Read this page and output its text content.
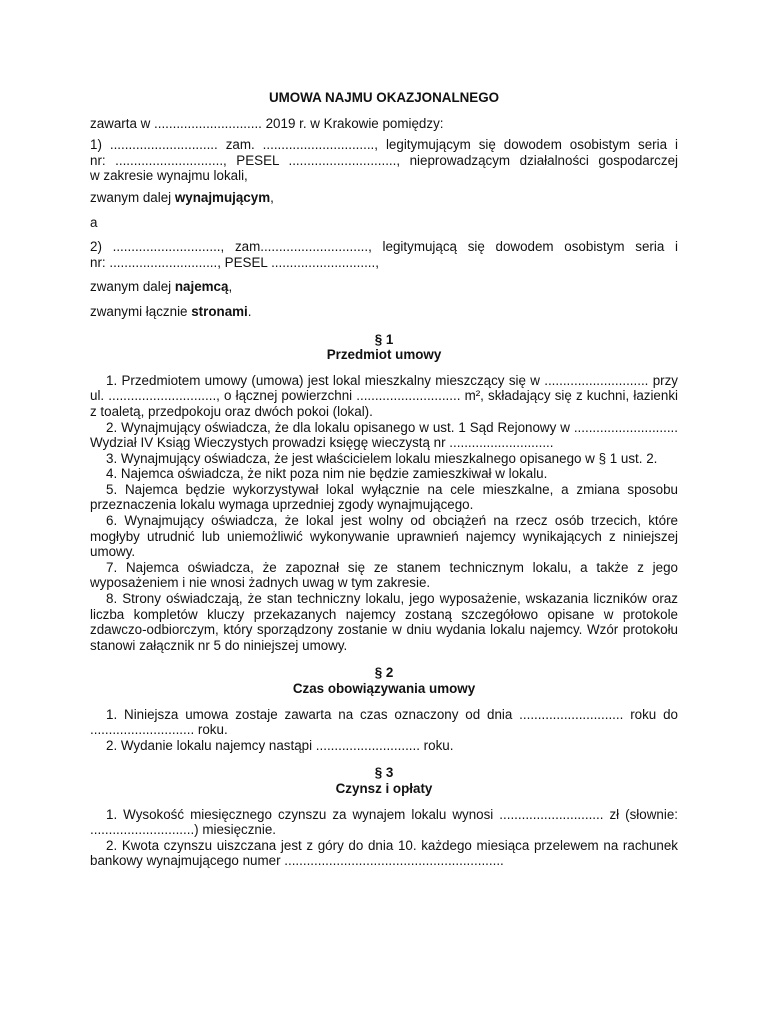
UMOWA NAJMU OKAZJONALNEGO
zawarta w ............................. 2019 r. w Krakowie pomiędzy:
1) ............................. zam. .............................., legitymującym się dowodem osobistym seria i
nr: ............................., PESEL ............................., nieprowadzącym działalności gospodarczej
w zakresie wynajmu lokali,
zwanym dalej wynajmującym,
a
2) ............................., zam............................., legitymującą się dowodem osobistym seria i
nr: ............................., PESEL ............................,
zwanym dalej najemcą,
zwanymi łącznie stronami.
§ 1
Przedmiot umowy
1. Przedmiotem umowy (umowa) jest lokal mieszkalny mieszczący się w ............................ przy ul. ............................., o łącznej powierzchni ............................ m², składający się z kuchni, łazienki z toaletą, przedpokoju oraz dwóch pokoi (lokal).
2. Wynajmujący oświadcza, że dla lokalu opisanego w ust. 1 Sąd Rejonowy w ............................ Wydział IV Ksiąg Wieczystych prowadzi księgę wieczystą nr ............................
3. Wynajmujący oświadcza, że jest właścicielem lokalu mieszkalnego opisanego w § 1 ust. 2.
4. Najemca oświadcza, że nikt poza nim nie będzie zamieszkiwał w lokalu.
5. Najemca będzie wykorzystywał lokal wyłącznie na cele mieszkalne, a zmiana sposobu przeznaczenia lokalu wymaga uprzedniej zgody wynajmującego.
6. Wynajmujący oświadcza, że lokal jest wolny od obciążeń na rzecz osób trzecich, które mogłyby utrudnić lub uniemożliwić wykonywanie uprawnień najemcy wynikających z niniejszej umowy.
7. Najemca oświadcza, że zapoznał się ze stanem technicznym lokalu, a także z jego wyposażeniem i nie wnosi żadnych uwag w tym zakresie.
8. Strony oświadczają, że stan techniczny lokalu, jego wyposażenie, wskazania liczników oraz liczba kompletów kluczy przekazanych najemcy zostaną szczegółowo opisane w protokole zdawczo-odbiorczym, który sporządzony zostanie w dniu wydania lokalu najemcy. Wzór protokołu stanowi załącznik nr 5 do niniejszej umowy.
§ 2
Czas obowiązywania umowy
1. Niniejsza umowa zostaje zawarta na czas oznaczony od dnia ............................ roku do ............................ roku.
2. Wydanie lokalu najemcy nastąpi ............................ roku.
§ 3
Czynsz i opłaty
1. Wysokość miesięcznego czynszu za wynajem lokalu wynosi ............................ zł (słownie: ............................) miesięcznie.
2. Kwota czynszu uiszczana jest z góry do dnia 10. każdego miesiąca przelewem na rachunek bankowy wynajmującego numer ...........................................................
